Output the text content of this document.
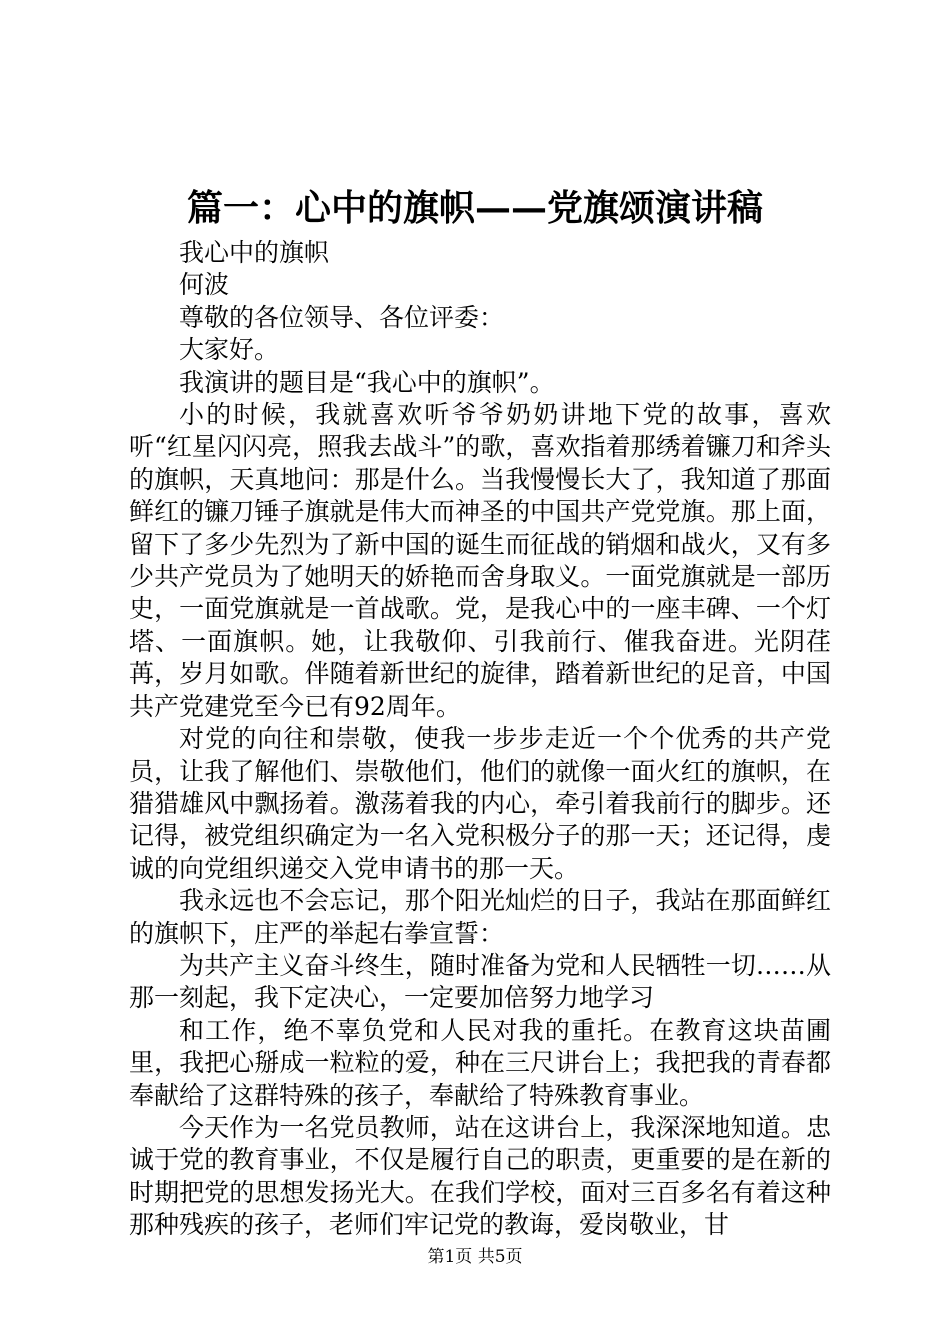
篇一：心中的旗帜——党旗颂演讲稿

我心中的旗帜

何波

尊敬的各位领导、各位评委：

大家好。

我演讲的题目是“我心中的旗帜”。

小的时候，我就喜欢听爷爷奶奶讲地下党的故事，喜欢听“红星闪闪亮，照我去战斗”的歌，喜欢指着那绣着镰刀和斧头的旗帜，天真地问：那是什么。当我慢慢长大了，我知道了那面鲜红的镰刀锤子旗就是伟大而神圣的中国共产党党旗。那上面，留下了多少先烈为了新中国的诞生而征战的销烟和战火，又有多少共产党员为了她明天的娇艳而舍身取义。一面党旗就是一部历史，一面党旗就是一首战歌。党，是我心中的一座丰碑、一个灯塔、一面旗帜。她，让我敬仰、引我前行、催我奋进。光阴荏苒，岁月如歌。伴随着新世纪的旋律，踏着新世纪的足音，中国共产党建党至今已有92周年。

对党的向往和崇敬，使我一步步走近一个个优秀的共产党员，让我了解他们、崇敬他们，他们的就像一面火红的旗帜，在猎猎雄风中飘扬着。激荡着我的内心，牵引着我前行的脚步。还记得，被党组织确定为一名入党积极分子的那一天；还记得，虔诚的向党组织递交入党申请书的那一天。

我永远也不会忘记，那个阳光灿烂的日子，我站在那面鲜红的旗帜下，庄严的举起右拳宣誓：

为共产主义奋斗终生，随时准备为党和人民牺牲一切……从那一刻起，我下定决心，一定要加倍努力地学习

和工作，绝不辜负党和人民对我的重托。在教育这块苗圃里，我把心掰成一粒粒的爱，种在三尺讲台上；我把我的青春都奉献给了这群特殊的孩子，奉献给了特殊教育事业。

今天作为一名党员教师，站在这讲台上，我深深地知道。忠诚于党的教育事业，不仅是履行自己的职责，更重要的是在新的时期把党的思想发扬光大。在我们学校，面对三百多名有着这种那种残疾的孩子，老师们牢记党的教诲，爱岗敬业，甘

第1页 共5页
